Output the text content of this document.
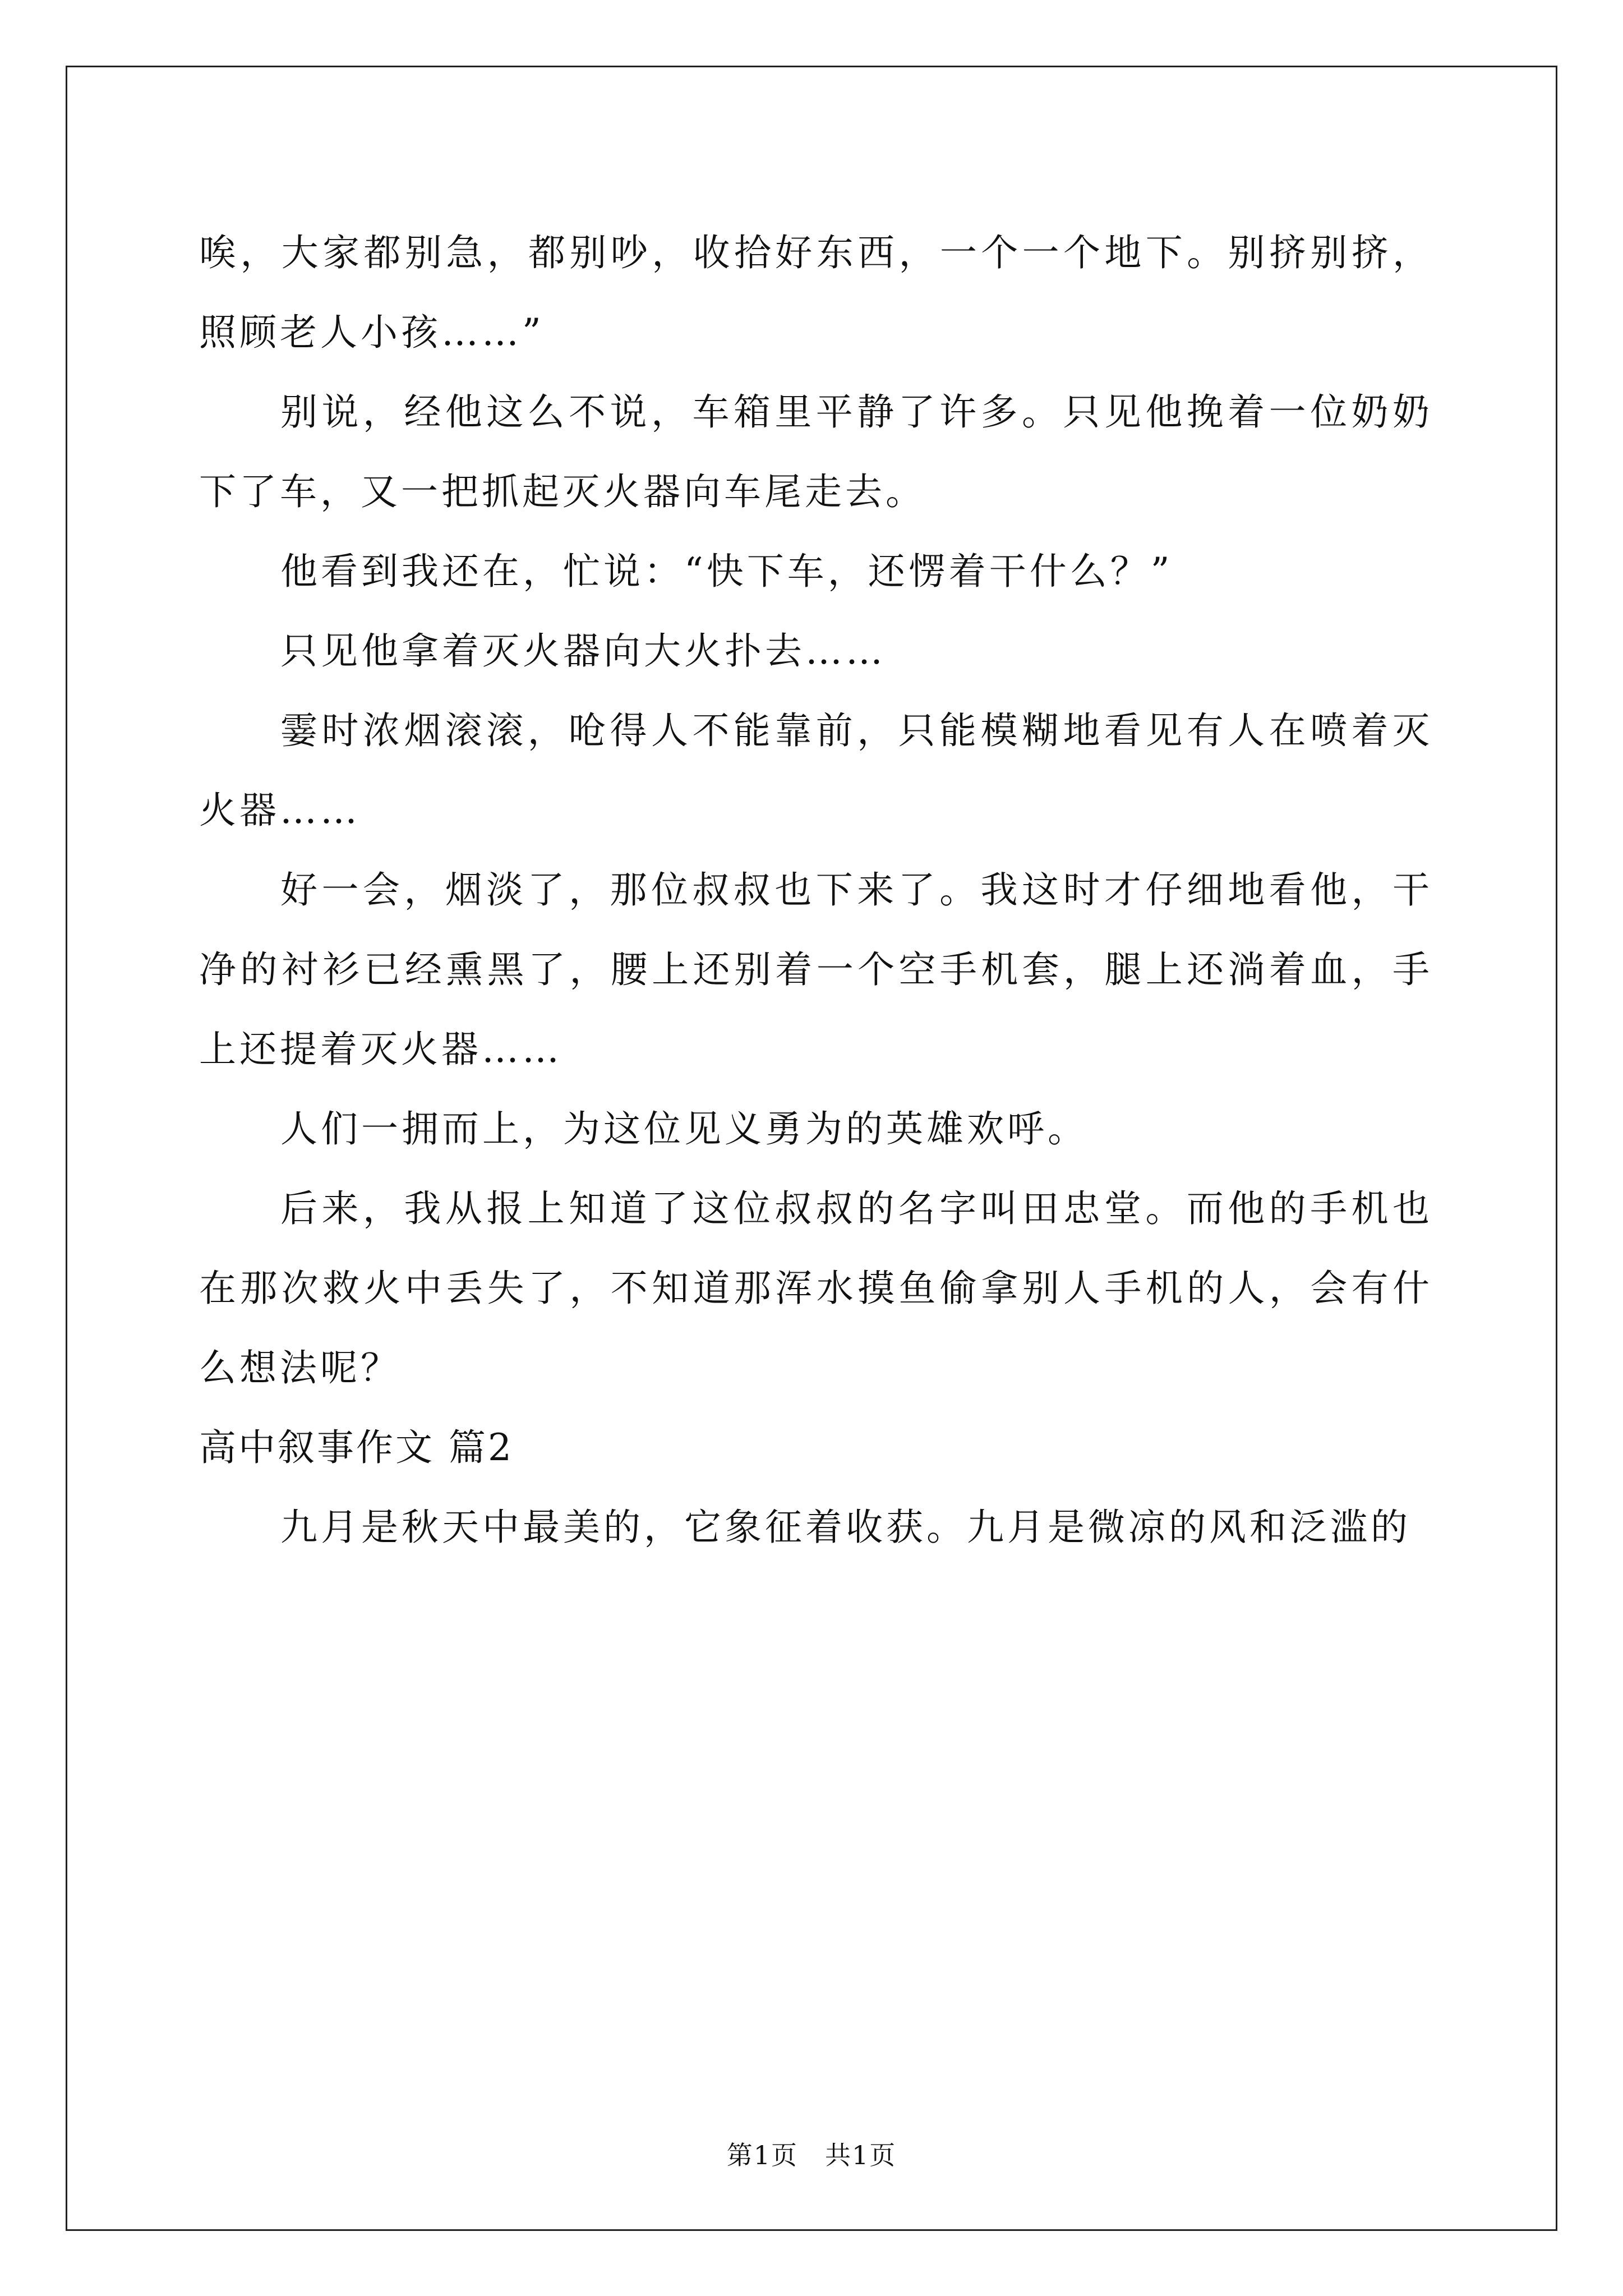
唉，大家都别急，都别吵，收拾好东西，一个一个地下。别挤别挤，照顾老人小孩……”

别说，经他这么不说，车箱里平静了许多。只见他挽着一位奶奶下了车，又一把抓起灭火器向车尾走去。

他看到我还在，忙说：“快下车，还愣着干什么？”

只见他拿着灭火器向大火扑去……

霎时浓烟滚滚，呛得人不能靠前，只能模糊地看见有人在喷着灭火器……

好一会，烟淡了，那位叔叔也下来了。我这时才仔细地看他，干净的衬衫已经熏黑了，腰上还别着一个空手机套，腿上还淌着血，手上还提着灭火器……

人们一拥而上，为这位见义勇为的英雄欢呼。

后来，我从报上知道了这位叔叔的名字叫田忠堂。而他的手机也在那次救火中丢失了，不知道那浑水摸鱼偷拿别人手机的人，会有什么想法呢？

高中叙事作文 篇2

九月是秋天中最美的，它象征着收获。九月是微凉的风和泛滥的

第1页　共1页
